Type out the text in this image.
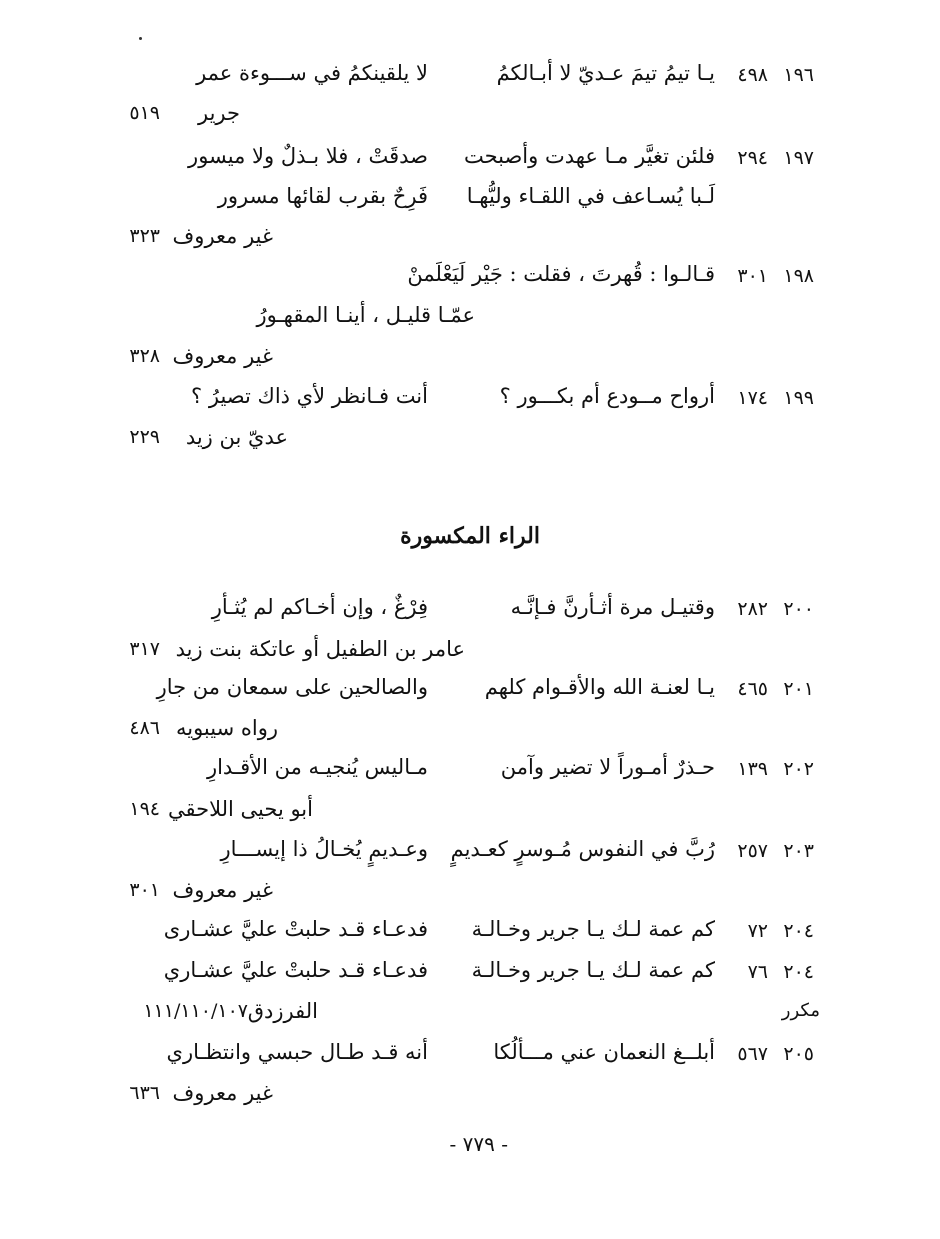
١٩٦
٤٩٨
يـا تيمُ تيمَ عـديّ لا أبـالكمُ
لا يلقينكمُ في ســـوءة عمر
جرير
٥١٩
١٩٧
٢٩٤
فلئن تغيَّر مـا عهدت وأصبحت
صدقَتْ ، فلا بـذلٌ ولا ميسور
لَـبا يُسـاعف في اللقـاء وليُّهـا
فَرِحٌ بقرب لقائها مسرور
غير معروف
٣٢٣
١٩٨
٣٠١
قـالـوا : قُهرتَ ، فقلت : جَيْر لَيَعْلَمنْ
عمّـا قليـل ، أينـا المقهـورُ
غير معروف
٣٢٨
١٩٩
١٧٤
أرواح مــودع أم بكـــور ؟
أنت فـانظر لأي ذاك تصيرُ ؟
عديّ بن زيد
٢٢٩
الراء المكسورة
٢٠٠
٢٨٢
وقتيـل مرة أثـأرنَّ فـإنَّـه
فِرْغٌ ، وإن أخـاكم لم يُثـأرِ
عامر بن الطفيل أو عاتكة بنت زيد
٣١٧
٢٠١
٤٦٥
يـا لعنـة الله والأقـوام كلهم
والصالحين على سمعان من جارِ
رواه سيبويه
٤٨٦
٢٠٢
١٣٩
حـذرٌ أمـوراً لا تضير وآمن
مـاليس يُنجيـه من الأقـدارِ
أبو يحيى اللاحقي
١٩٤
٢٠٣
٢٥٧
رُبَّ في النفوس مُـوسرٍ كعـديمٍ
وعـديمٍ يُخـالُ ذا إيســـارِ
غير معروف
٣٠١
٢٠٤
٧٢
كم عمة لـك يـا جرير وخـالـة
فدعـاء قـد حلبتْ عليَّ عشـارى
٢٠٤
٧٦
كم عمة لـك يـا جرير وخـالـة
فدعـاء قـد حلبتْ عليَّ عشـاري
مكرر
الفرزدق
١١١/١١٠/١٠٧
٢٠٥
٥٦٧
أبلــغ النعمان عني مـــألُكا
أنه قـد طـال حبسي وانتظـاري
غير معروف
٦٣٦
- ٧٧٩ -
